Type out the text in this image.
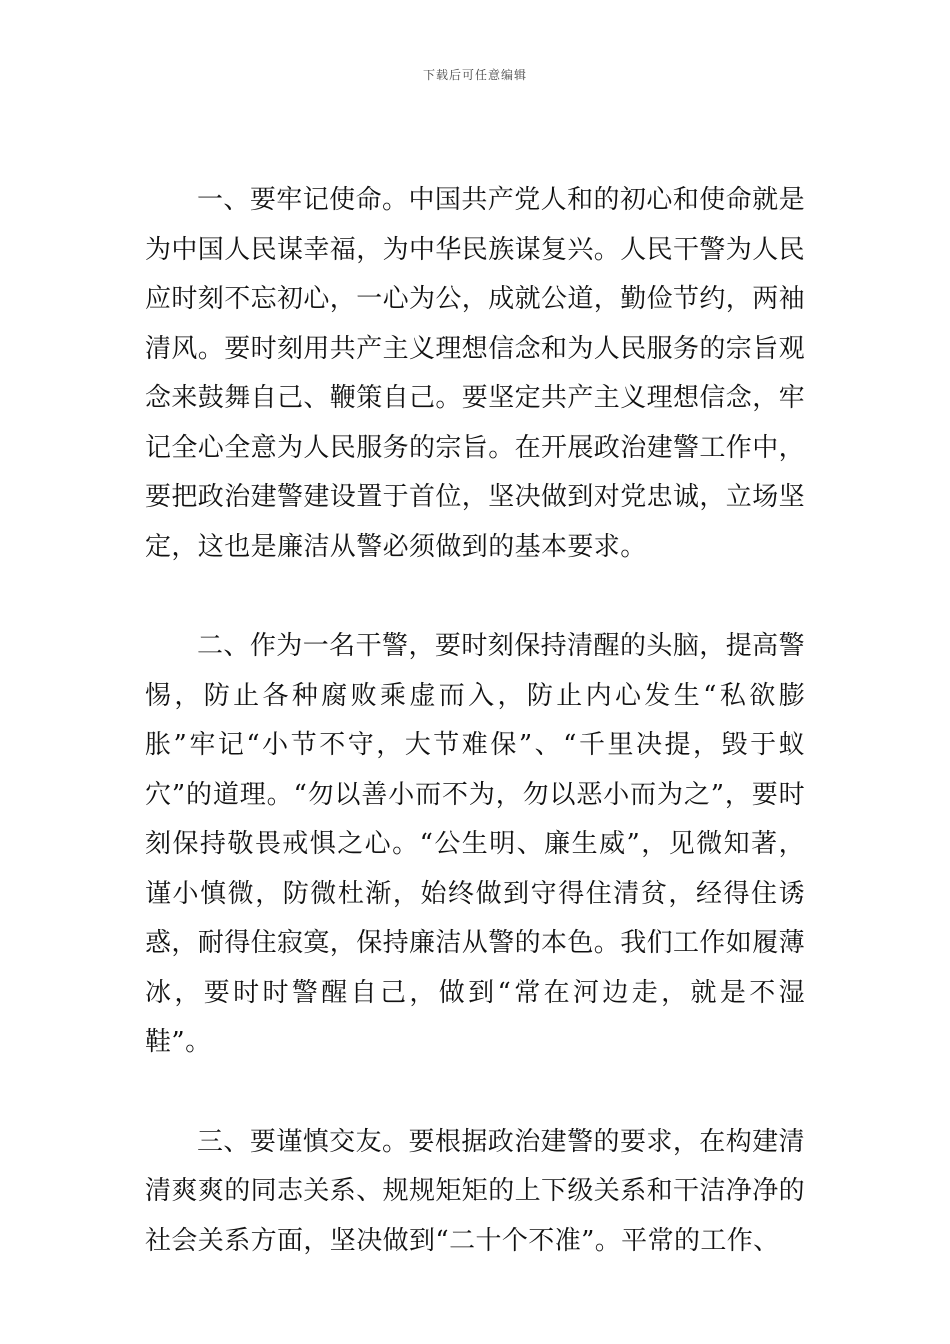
下载后可任意编辑

一、要牢记使命。中国共产党人和的初心和使命就是为中国人民谋幸福，为中华民族谋复兴。人民干警为人民应时刻不忘初心，一心为公，成就公道，勤俭节约，两袖清风。要时刻用共产主义理想信念和为人民服务的宗旨观念来鼓舞自己、鞭策自己。要坚定共产主义理想信念，牢记全心全意为人民服务的宗旨。在开展政治建警工作中，要把政治建警建设置于首位，坚决做到对党忠诚，立场坚定，这也是廉洁从警必须做到的基本要求。

二、作为一名干警，要时刻保持清醒的头脑，提高警惕，防止各种腐败乘虚而入，防止内心发生“私欲膨胀”牢记“小节不守，大节难保”、“千里决提，毁于蚁穴”的道理。“勿以善小而不为，勿以恶小而为之”，要时刻保持敬畏戒惧之心。“公生明、廉生威”，见微知著，谨小慎微，防微杜渐，始终做到守得住清贫，经得住诱惑，耐得住寂寞，保持廉洁从警的本色。我们工作如履薄冰，要时时警醒自己，做到“常在河边走，就是不湿鞋”。

三、要谨慎交友。要根据政治建警的要求，在构建清清爽爽的同志关系、规规矩矩的上下级关系和干洁净净的社会关系方面，坚决做到“二十个不准”。平常的工作、
